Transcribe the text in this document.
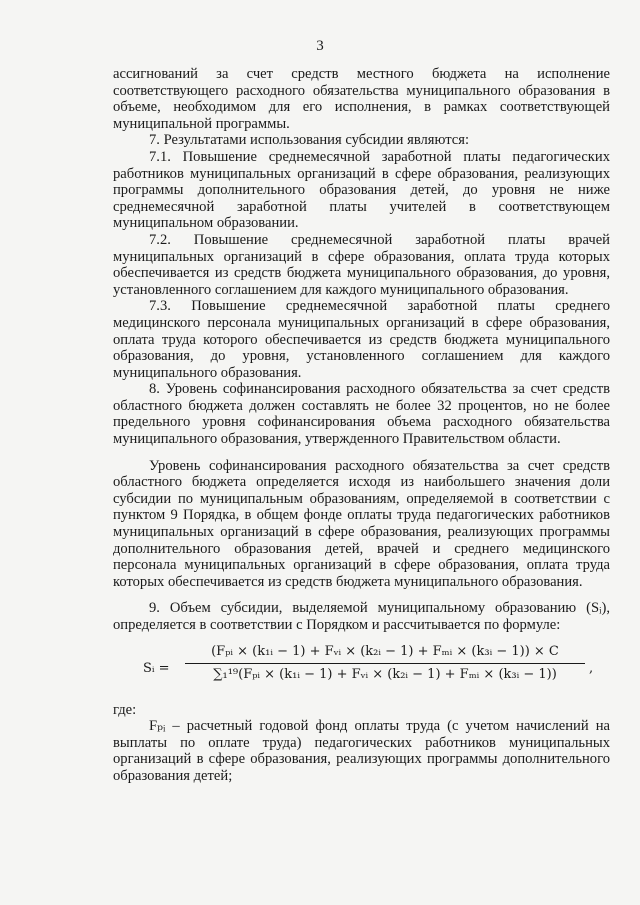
3

ассигнований за счет средств местного бюджета на исполнение соответствующего расходного обязательства муниципального образования в объеме, необходимом для его исполнения, в рамках соответствующей муниципальной программы.

7. Результатами использования субсидии являются:

7.1. Повышение среднемесячной заработной платы педагогических работников муниципальных организаций в сфере образования, реализующих программы дополнительного образования детей, до уровня не ниже среднемесячной заработной платы учителей в соответствующем муниципальном образовании.

7.2. Повышение среднемесячной заработной платы врачей муниципальных организаций в сфере образования, оплата труда которых обеспечивается из средств бюджета муниципального образования, до уровня, установленного соглашением для каждого муниципального образования.

7.3. Повышение среднемесячной заработной платы среднего медицинского персонала муниципальных организаций в сфере образования, оплата труда которого обеспечивается из средств бюджета муниципального образования, до уровня, установленного соглашением для каждого муниципального образования.

8. Уровень софинансирования расходного обязательства за счет средств областного бюджета должен составлять не более 32 процентов, но не более предельного уровня софинансирования объема расходного обязательства муниципального образования, утвержденного Правительством области.

Уровень софинансирования расходного обязательства за счет средств областного бюджета определяется исходя из наибольшего значения доли субсидии по муниципальным образованиям, определяемой в соответствии с пунктом 9 Порядка, в общем фонде оплаты труда педагогических работников муниципальных организаций в сфере образования, реализующих программы дополнительного образования детей, врачей и среднего медицинского персонала муниципальных организаций в сфере образования, оплата труда которых обеспечивается из средств бюджета муниципального образования.

9. Объем субсидии, выделяемой муниципальному образованию (Sᵢ), определяется в соответствии с Порядком и рассчитывается по формуле:

Sᵢ =
(Fₚᵢ × (k₁ᵢ − 1) + Fᵥᵢ × (k₂ᵢ − 1) + Fₘᵢ × (k₃ᵢ − 1)) × C
∑₁¹⁹(Fₚᵢ × (k₁ᵢ − 1) + Fᵥᵢ × (k₂ᵢ − 1) + Fₘᵢ × (k₃ᵢ − 1))	,

где:

Fₚᵢ – расчетный годовой фонд оплаты труда (с учетом начислений на выплаты по оплате труда) педагогических работников муниципальных организаций в сфере образования, реализующих программы дополнительного образования детей;
